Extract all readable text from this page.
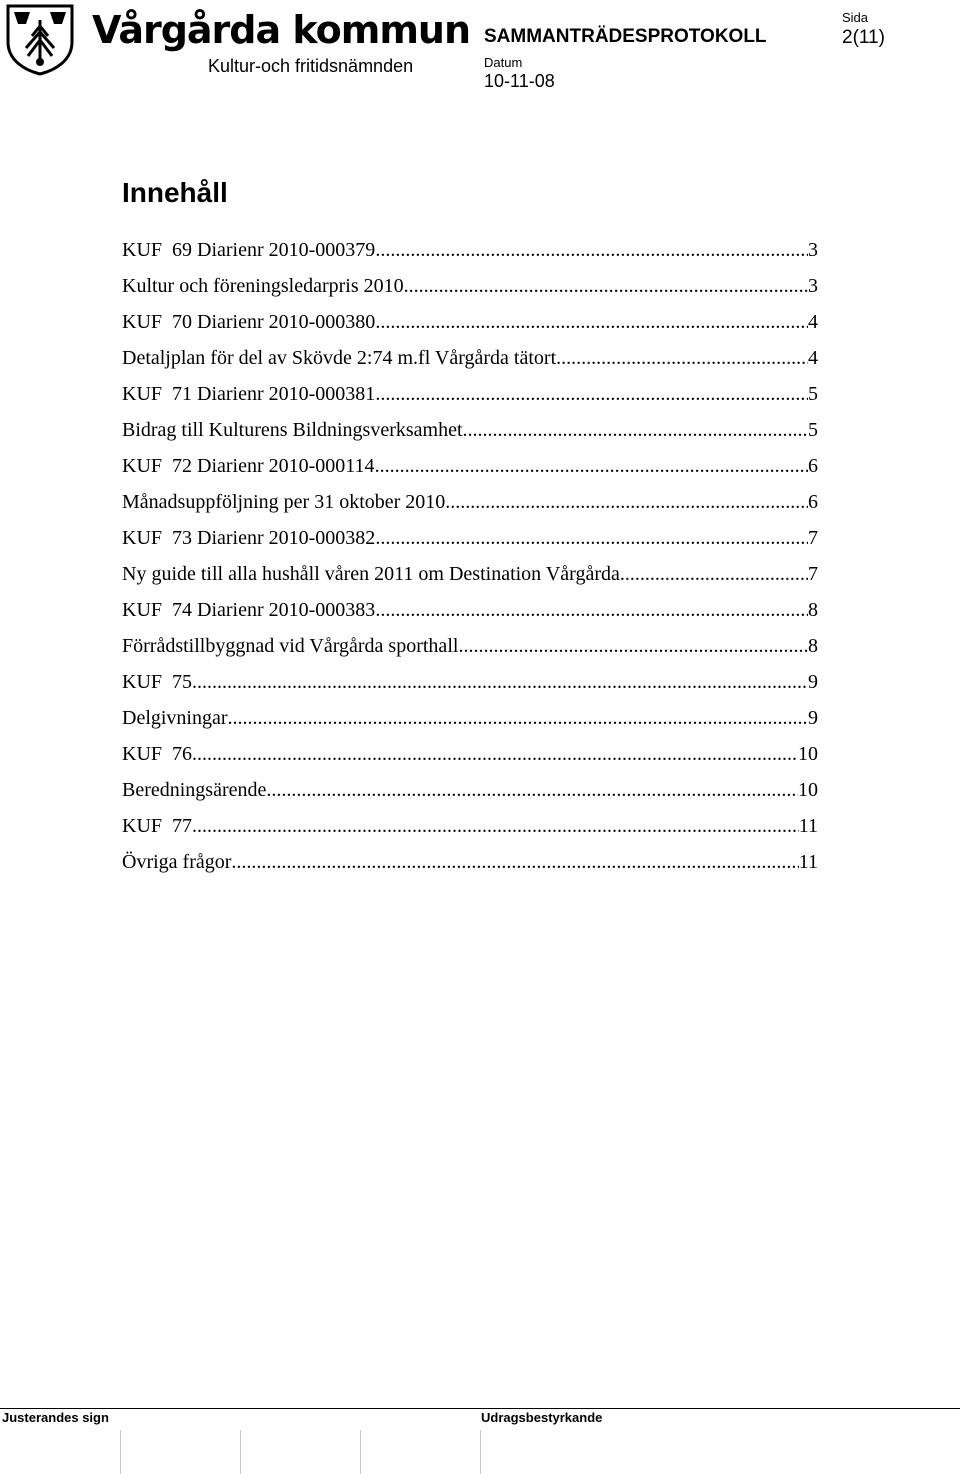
Vårgårda kommun
Kultur-och fritidsnämnden
SAMMANTRÄDESPROTOKOLL
Datum
10-11-08
Sida
2(11)
Innehåll
KUF  69 Diarienr 2010-000379 .....	3
Kultur och föreningsledarpris 2010 .....	3
KUF  70 Diarienr 2010-000380 .....	4
Detaljplan för del av Skövde 2:74 m.fl Vårgårda tätort .....	4
KUF  71 Diarienr 2010-000381 .....	5
Bidrag till Kulturens Bildningsverksamhet .....	5
KUF  72 Diarienr 2010-000114 .....	6
Månadsuppföljning per 31 oktober 2010 .....	6
KUF  73 Diarienr 2010-000382 .....	7
Ny guide till alla hushåll våren 2011 om Destination Vårgårda .....	7
KUF  74 Diarienr 2010-000383 .....	8
Förrådstillbyggnad vid Vårgårda sporthall .....	8
KUF  75 .....	9
Delgivningar .....	9
KUF  76 .....	10
Beredningsärende .....	10
KUF  77 .....	11
Övriga frågor .....	11
Justerandes sign	Udragsbestyrkande
